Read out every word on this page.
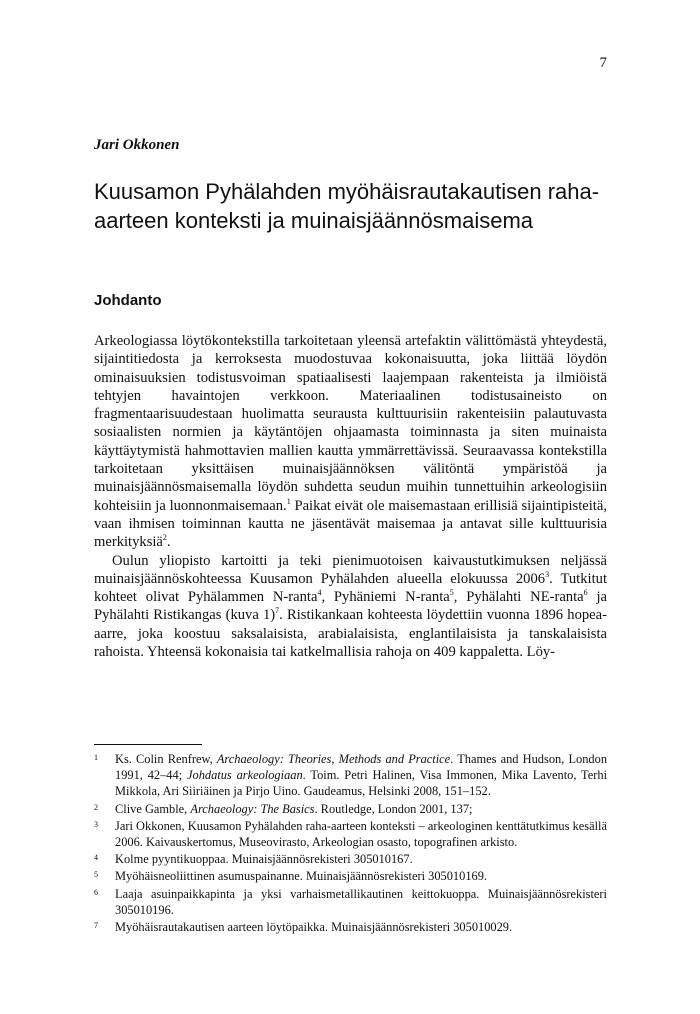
7
Jari Okkonen
Kuusamon Pyhälahden myöhäisrautakautisen raha-aarteen konteksti ja muinaisjäännösmaisema
Johdanto

Arkeologiassa löytökontekstilla tarkoitetaan yleensä artefaktin välittömästä yhteydestä, sijaintitiedosta ja kerroksesta muodostuvaa kokonaisuutta, joka liittää löydön ominaisuuksien todistusvoiman spatiaalisesti laajempaan rakenteista ja ilmiöistä tehtyjen havaintojen verkkoon. Materiaalinen todistusaineisto on fragmentaarisuudestaan huolimatta seurausta kulttuurisiin rakenteisiin palautuvasta sosiaalisten normien ja käytäntöjen ohjaamasta toiminnasta ja siten muinaista käyttäytymistä hahmottavien mallien kautta ymmärrettävissä. Seuraavassa kontekstilla tarkoitetaan yksittäisen muinaisjäännöksen välitöntä ympäristöä ja muinaisjäännösmaisemalla löydön suhdetta seudun muihin tunnettuihin arkeologisiin kohteisiin ja luonnonmaisemaan.$^1$ Paikat eivät ole maisemastaan erillisiä sijaintipisteitä, vaan ihmisen toiminnan kautta ne jäsentävät maisemaa ja antavat sille kulttuurisia merkityksiä$^2$.

Oulun yliopisto kartoitti ja teki pienimuotoisen kaivaustutkimuksen neljässä muinaisjäännöskohteessa Kuusamon Pyhälahden alueella elokuussa 2006$^3$. Tutkitut kohteet olivat Pyhälammen N-ranta$^4$, Pyhäniemi N-ranta$^5$, Pyhälahti NE-ranta$^6$ ja Pyhälahti Ristikangas (kuva 1)$^7$. Ristikankaan kohteesta löydettiin vuonna 1896 hopea-aarre, joka koostuu saksalaisista, arabialaisista, englantilaisista ja tanskalaisista rahoista. Yhteensä kokonaisia tai katkelmallisia rahoja on 409 kappaletta. Löy-

1	Ks. Colin Renfrew, Archaeology: Theories, Methods and Practice. Thames and Hudson, London 1991, 42–44; Johdatus arkeologiaan. Toim. Petri Halinen, Visa Immonen, Mika Lavento, Terhi Mikkola, Ari Siiriäinen ja Pirjo Uino. Gaudeamus, Helsinki 2008, 151–152.
2	Clive Gamble, Archaeology: The Basics. Routledge, London 2001, 137;
3	Jari Okkonen, Kuusamon Pyhälahden raha-aarteen konteksti – arkeologinen kenttätutkimus kesällä 2006. Kaivauskertomus, Museovirasto, Arkeologian osasto, topografinen arkisto.
4	Kolme pyyntikuoppaa. Muinaisjäännösrekisteri 305010167.
5	Myöhäisneoliittinen asumuspainanne. Muinaisjäännösrekisteri 305010169.
6	Laaja asuinpaikkapinta ja yksi varhaismetallikautinen keittokuoppa. Muinaisjäännösrekisteri 305010196.
7	Myöhäisrautakautisen aarteen löytöpaikka. Muinaisjäännösrekisteri 305010029.
